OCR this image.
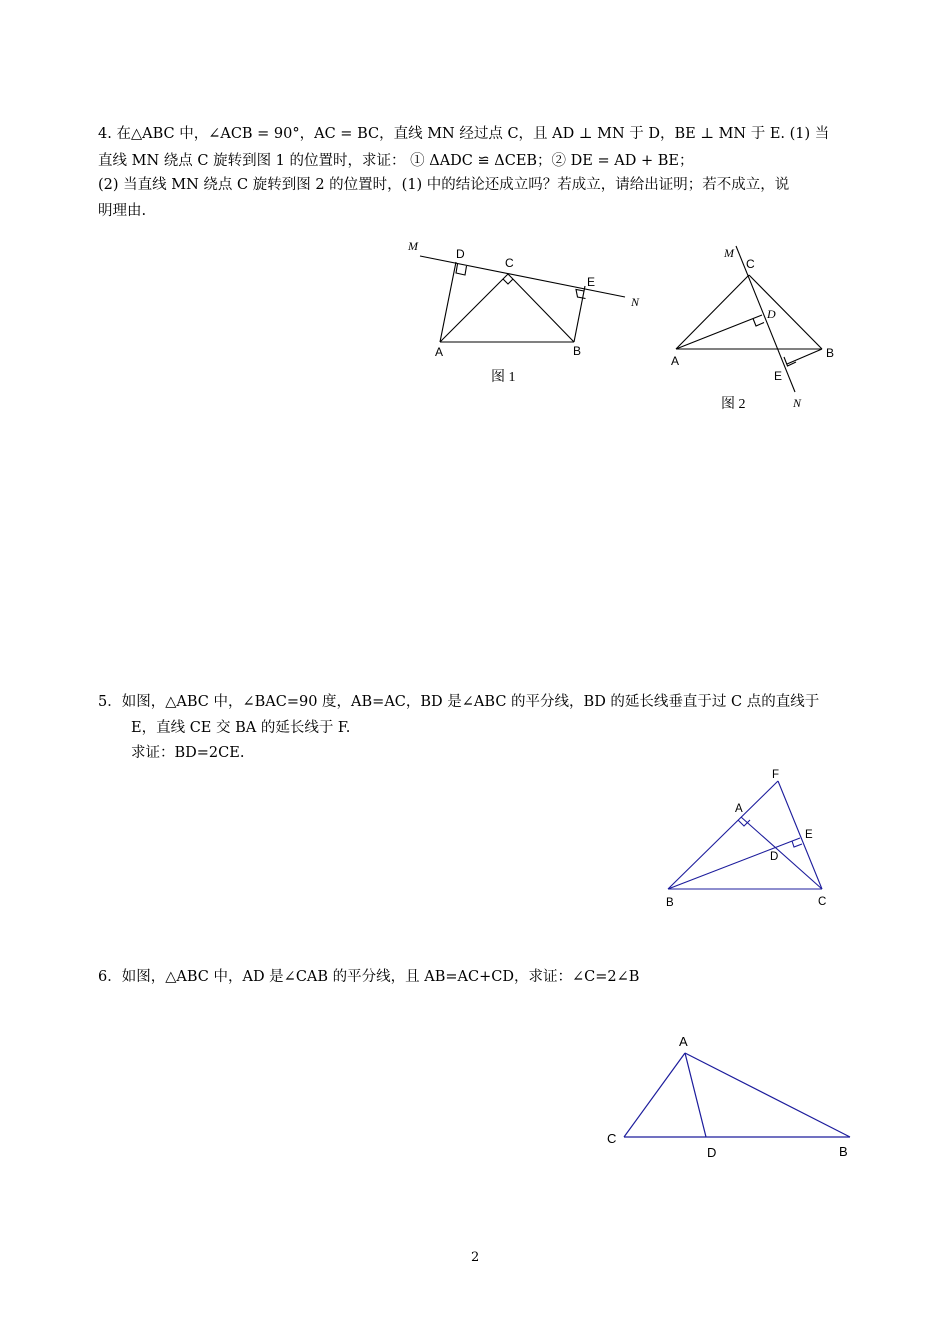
4. 在△ABC 中，∠ACB = 90°，AC = BC，直线 MN 经过点 C，且 AD ⊥ MN 于 D，BE ⊥ MN 于 E. (1) 当
直线 MN 绕点 C 旋转到图 1 的位置时，求证： ① ΔADC ≌ ΔCEB；② DE = AD + BE；
(2) 当直线 MN 绕点 C 旋转到图 2 的位置时，(1) 中的结论还成立吗？若成立，请给出证明；若不成立，说
明理由.
M
D
C
E
N
A	B
图 1
M
C
D
A
B
E
N
图 2
5．如图，△ABC 中，∠BAC=90 度，AB=AC，BD 是∠ABC 的平分线，BD 的延长线垂直于过 C 点的直线于
E，直线 CE 交 BA 的延长线于 F.
求证：BD=2CE.
F
A
E
D
B	C
6．如图，△ABC 中，AD 是∠CAB 的平分线，且 AB=AC+CD，求证：∠C=2∠B
A
C
D	B
2
